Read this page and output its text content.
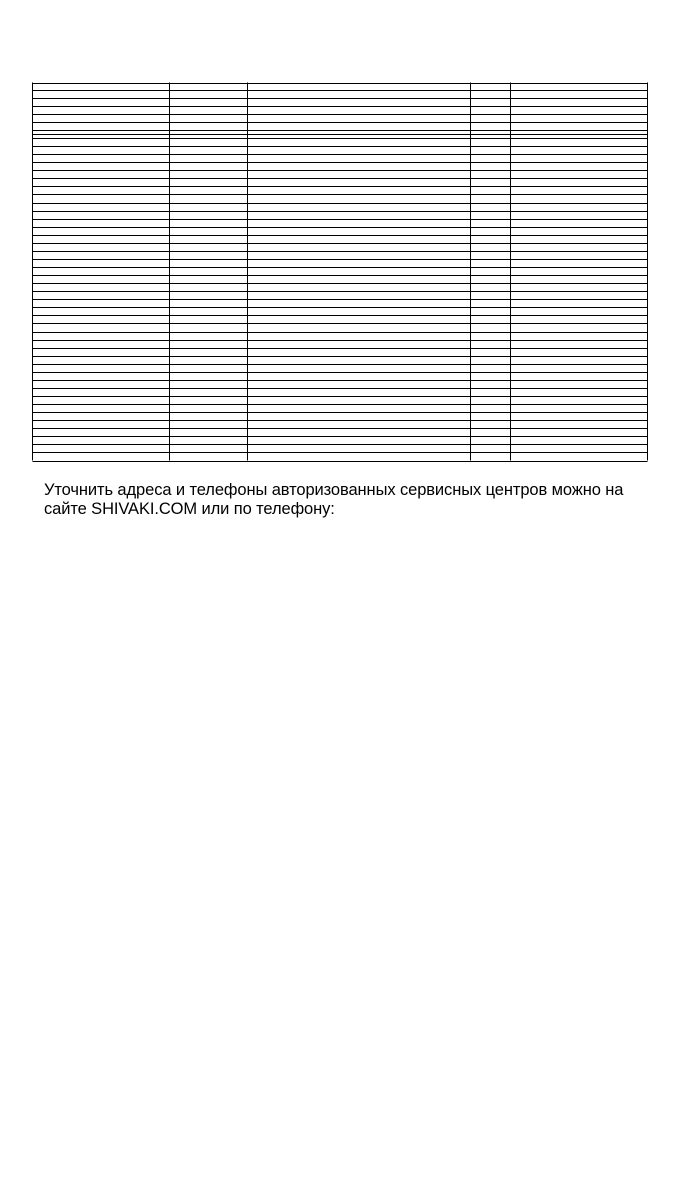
Уточнить адреса и телефоны авторизованных сервисных центров можно на
сайте SHIVAKI.COM или по телефону:
